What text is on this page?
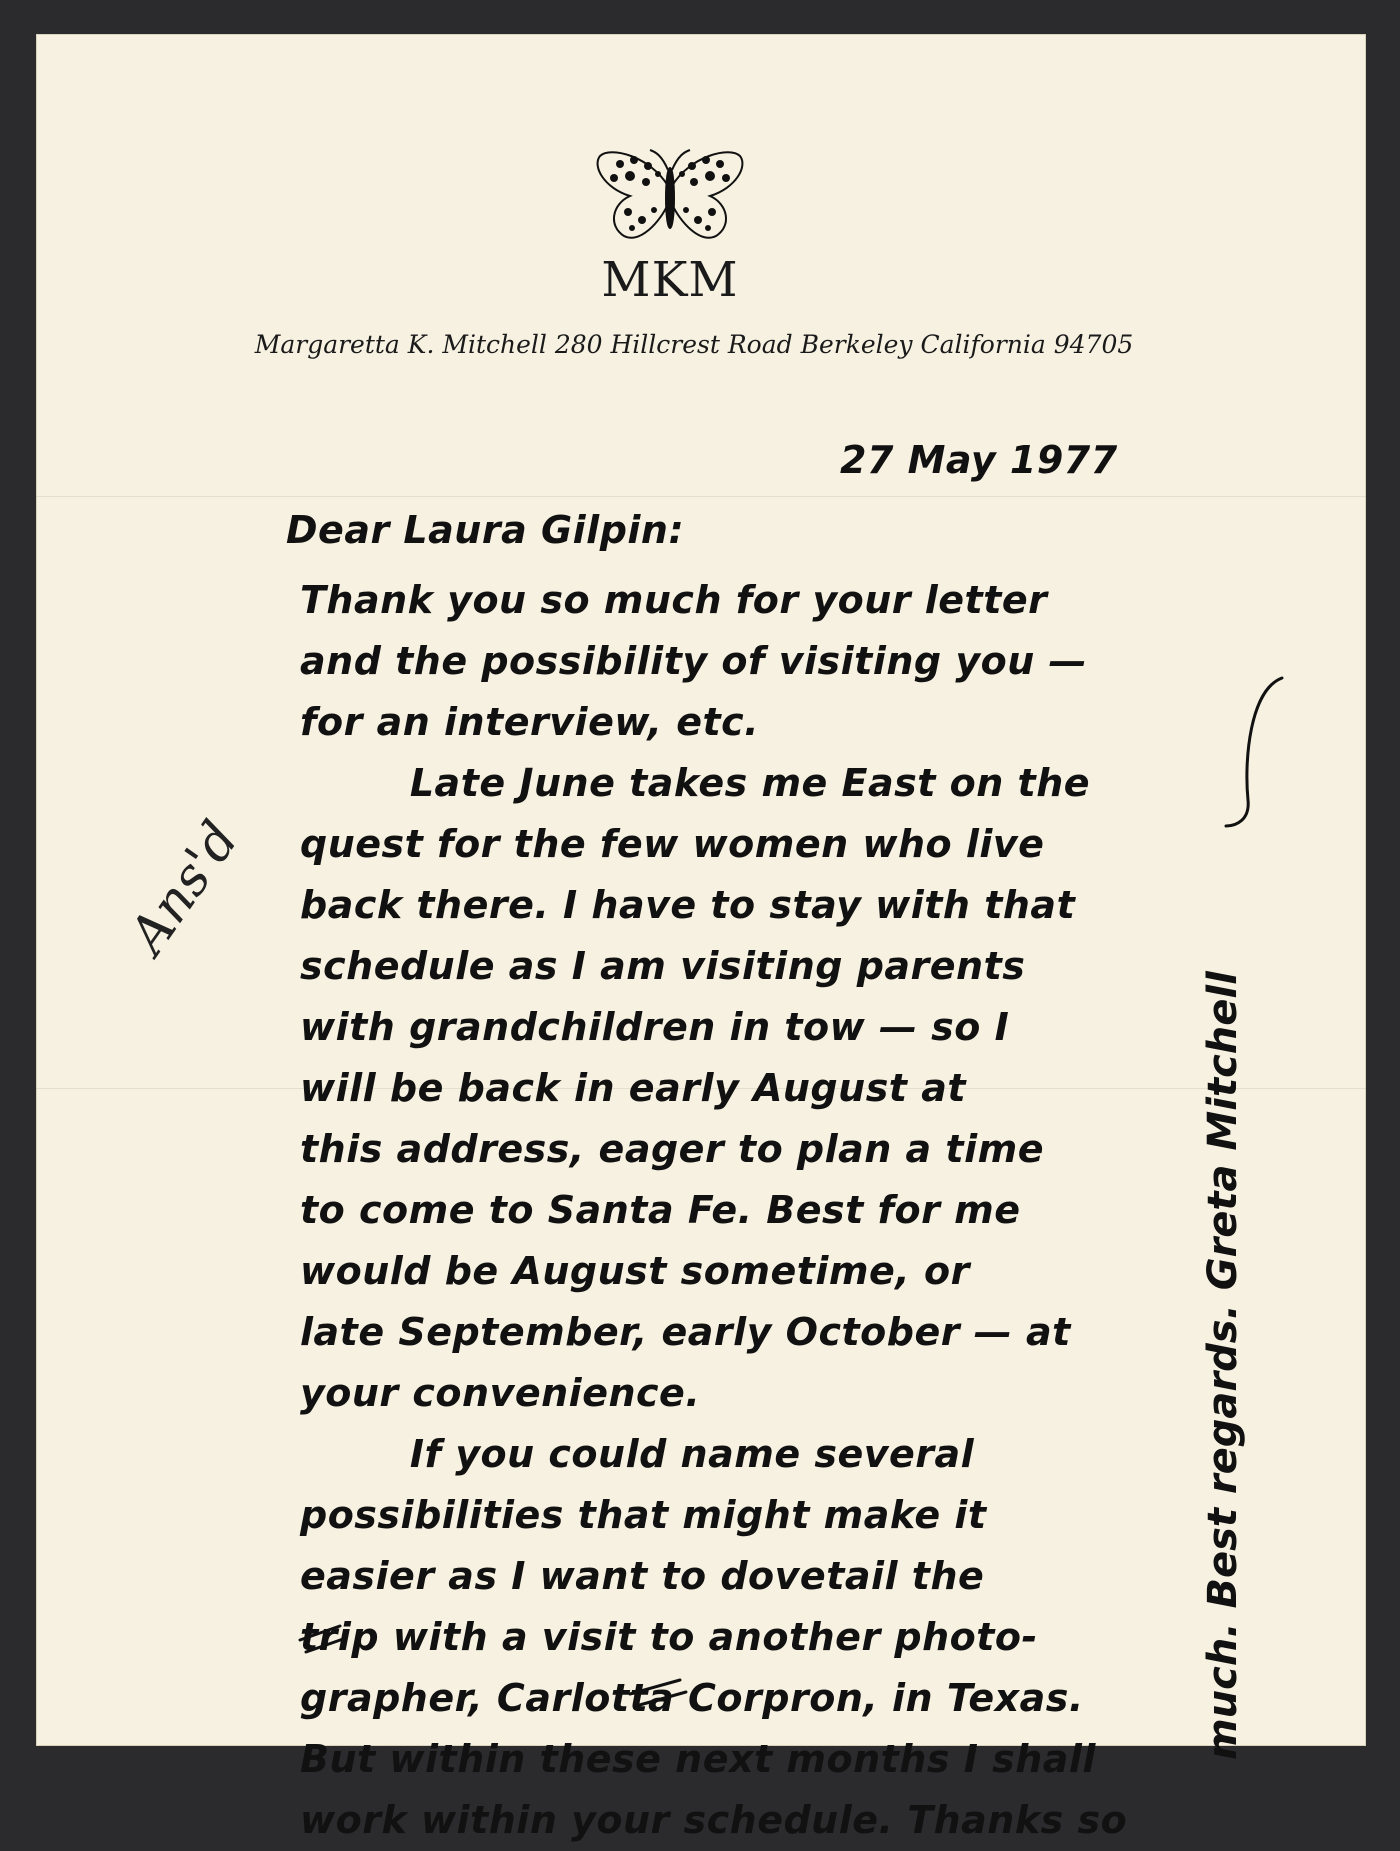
MKM
Margaretta K. Mitchell 280 Hillcrest Road Berkeley California 94705
27 May 1977
Dear Laura Gilpin:
Thank you so much for your letter
and the possibility of visiting you —
for an interview, etc.
Late June takes me East on the
quest for the few women who live
back there. I have to stay with that
schedule as I am visiting parents
with grandchildren in tow — so I
will be back in early August at
this address, eager to plan a time
to come to Santa Fe. Best for me
would be August sometime, or
late September, early October — at
your convenience.
If you could name several
possibilities that might make it
easier as I want to dovetail the
trip with a visit to another photo-
grapher, Carlotta Corpron, in Texas.
But within these next months I shall
work within your schedule. Thanks so
much. Best regards. Greta Mitchell
Ans'd
